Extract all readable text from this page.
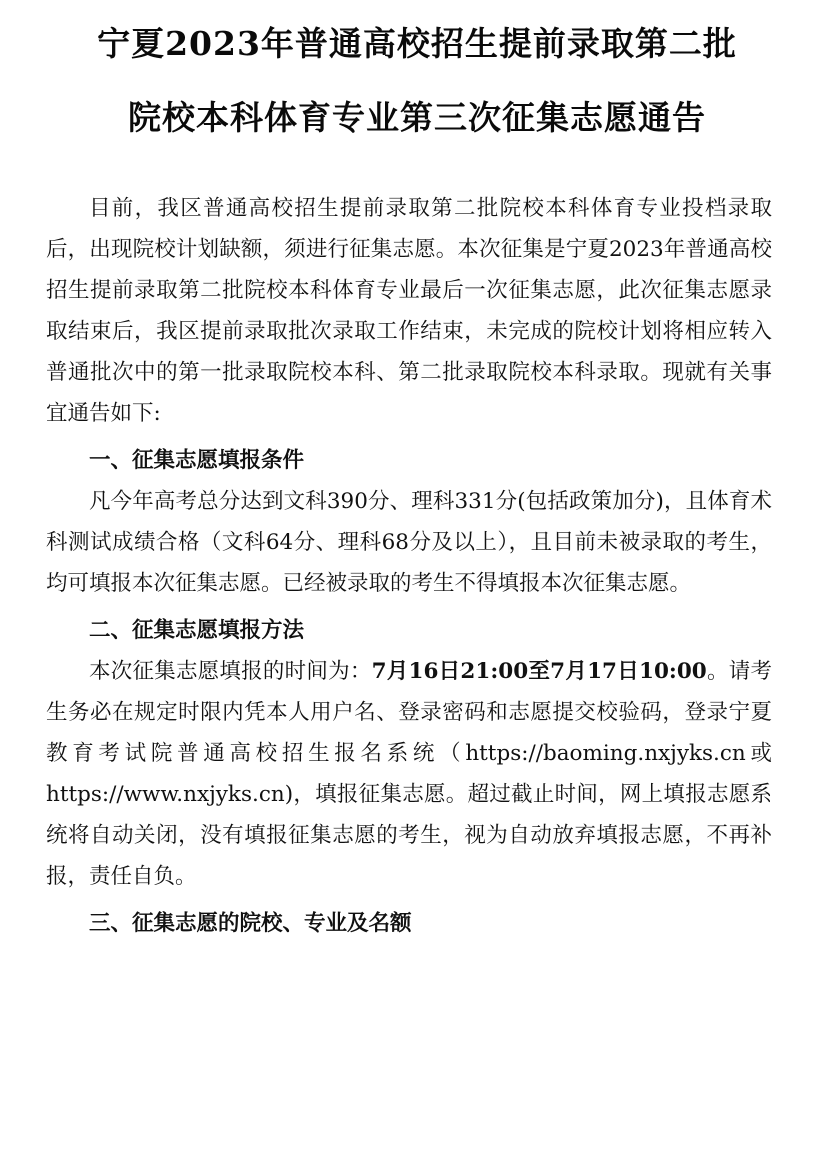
宁夏2023年普通高校招生提前录取第二批
院校本科体育专业第三次征集志愿通告

目前，我区普通高校招生提前录取第二批院校本科体育专业投档录取后，出现院校计划缺额，须进行征集志愿。本次征集是宁夏2023年普通高校招生提前录取第二批院校本科体育专业最后一次征集志愿，此次征集志愿录取结束后，我区提前录取批次录取工作结束，未完成的院校计划将相应转入普通批次中的第一批录取院校本科、第二批录取院校本科录取。现就有关事宜通告如下:

一、征集志愿填报条件

凡今年高考总分达到文科390分、理科331分(包括政策加分)，且体育术科测试成绩合格（文科64分、理科68分及以上），且目前未被录取的考生，均可填报本次征集志愿。已经被录取的考生不得填报本次征集志愿。

二、征集志愿填报方法

本次征集志愿填报的时间为：7月16日21:00至7月17日10:00。请考生务必在规定时限内凭本人用户名、登录密码和志愿提交校验码，登录宁夏教育考试院普通高校招生报名系统（https://baoming.nxjyks.cn或https://www.nxjyks.cn)，填报征集志愿。超过截止时间，网上填报志愿系统将自动关闭，没有填报征集志愿的考生，视为自动放弃填报志愿，不再补报，责任自负。

三、征集志愿的院校、专业及名额
